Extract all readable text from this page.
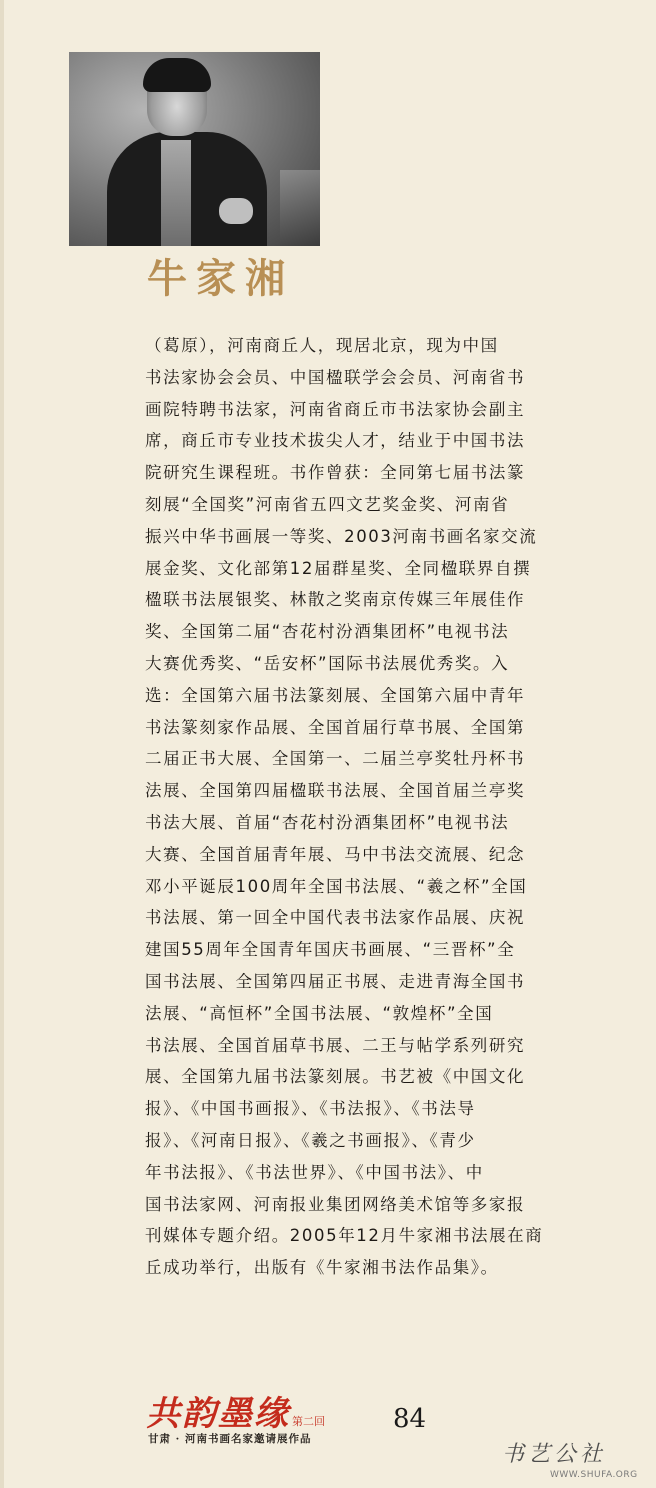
牛家湘

（葛原），河南商丘人，现居北京，现为中国
书法家协会会员、中国楹联学会会员、河南省书
画院特聘书法家，河南省商丘市书法家协会副主
席，商丘市专业技术拔尖人才，结业于中国书法
院研究生课程班。书作曾获：全同第七届书法篆
刻展“全国奖”河南省五四文艺奖金奖、河南省
振兴中华书画展一等奖、2003河南书画名家交流
展金奖、文化部第12届群星奖、全同楹联界自撰
楹联书法展银奖、林散之奖南京传媒三年展佳作
奖、全国第二届“杏花村汾酒集团杯”电视书法
大赛优秀奖、“岳安杯”国际书法展优秀奖。入
选：全国第六届书法篆刻展、全国第六届中青年
书法篆刻家作品展、全国首届行草书展、全国第
二届正书大展、全国第一、二届兰亭奖牡丹杯书
法展、全国第四届楹联书法展、全国首届兰亭奖
书法大展、首届“杏花村汾酒集团杯”电视书法
大赛、全国首届青年展、马中书法交流展、纪念
邓小平诞辰100周年全国书法展、“羲之杯”全国
书法展、第一回全中国代表书法家作品展、庆祝
建国55周年全国青年国庆书画展、“三晋杯”全
国书法展、全国第四届正书展、走进青海全国书
法展、“高恒杯”全国书法展、“敦煌杯”全国
书法展、全国首届草书展、二王与帖学系列研究
展、全国第九届书法篆刻展。书艺被《中国文化
报》、《中国书画报》、《书法报》、《书法导
报》、《河南日报》、《羲之书画报》、《青少
年书法报》、《书法世界》、《中国书法》、中
国书法家网、河南报业集团网络美术馆等多家报
刊媒体专题介绍。2005年12月牛家湘书法展在商
丘成功举行，出版有《牛家湘书法作品集》。

共韵墨缘 第二回
甘肃 · 河南书画名家邀请展作品
84
书艺公社
WWW.SHUFA.ORG
